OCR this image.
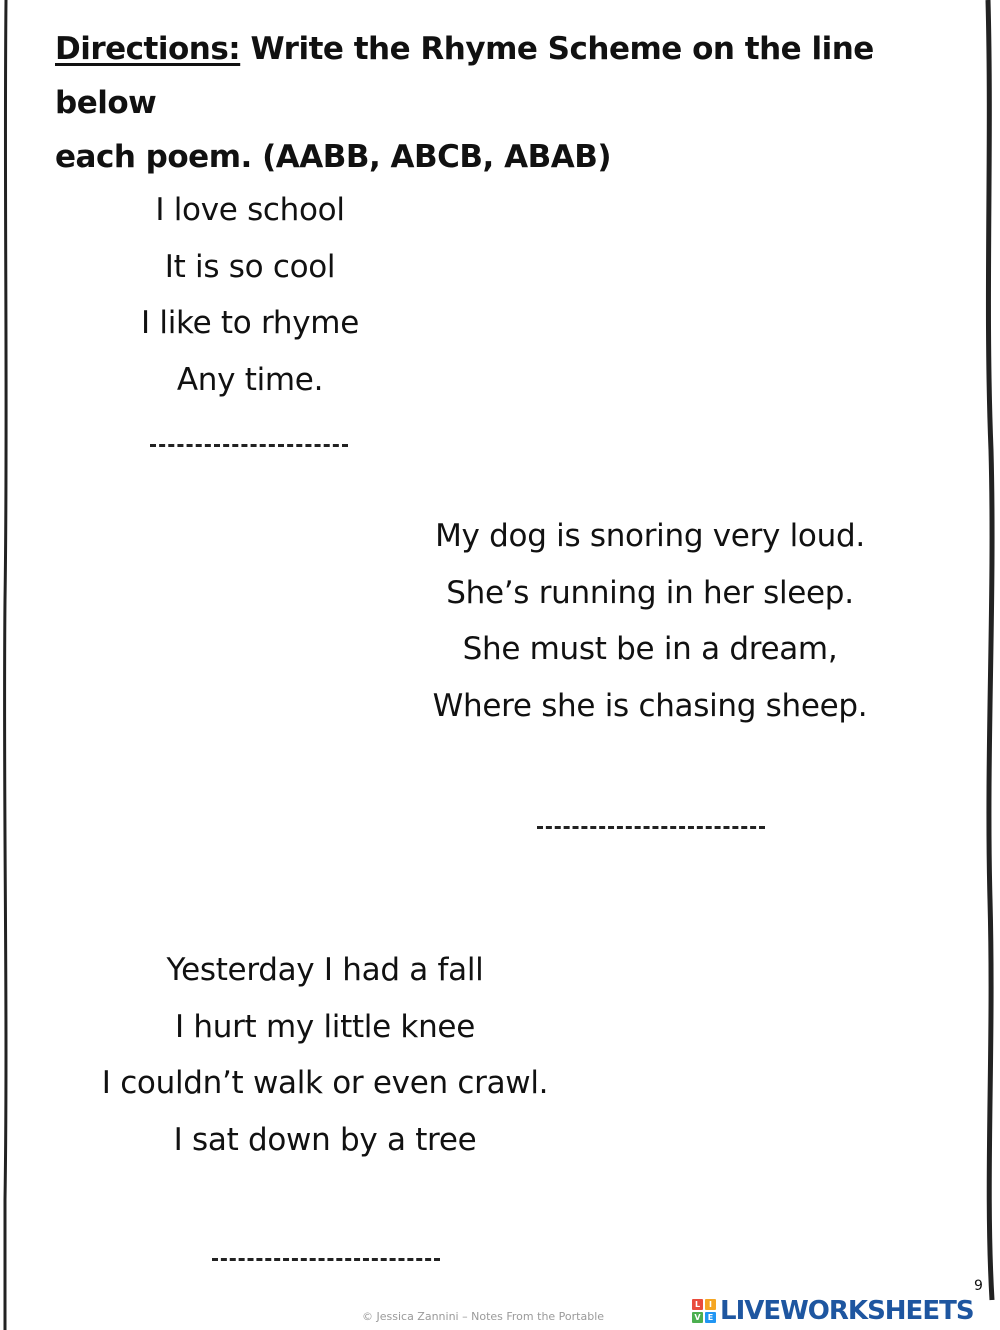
Directions: Write the Rhyme Scheme on the line below
each poem. (AABB, ABCB, ABAB)
I love school
It is so cool
I like to rhyme
Any time.
My dog is snoring very loud.
She’s running in her sleep.
She must be in a dream,
Where she is chasing sheep.
Yesterday I had a fall
I hurt my little knee
I couldn’t walk or even crawl.
I sat down by a tree
9
© Jessica Zannini – Notes From the Portable
L	I
V E LIVEWORKSHEETS
